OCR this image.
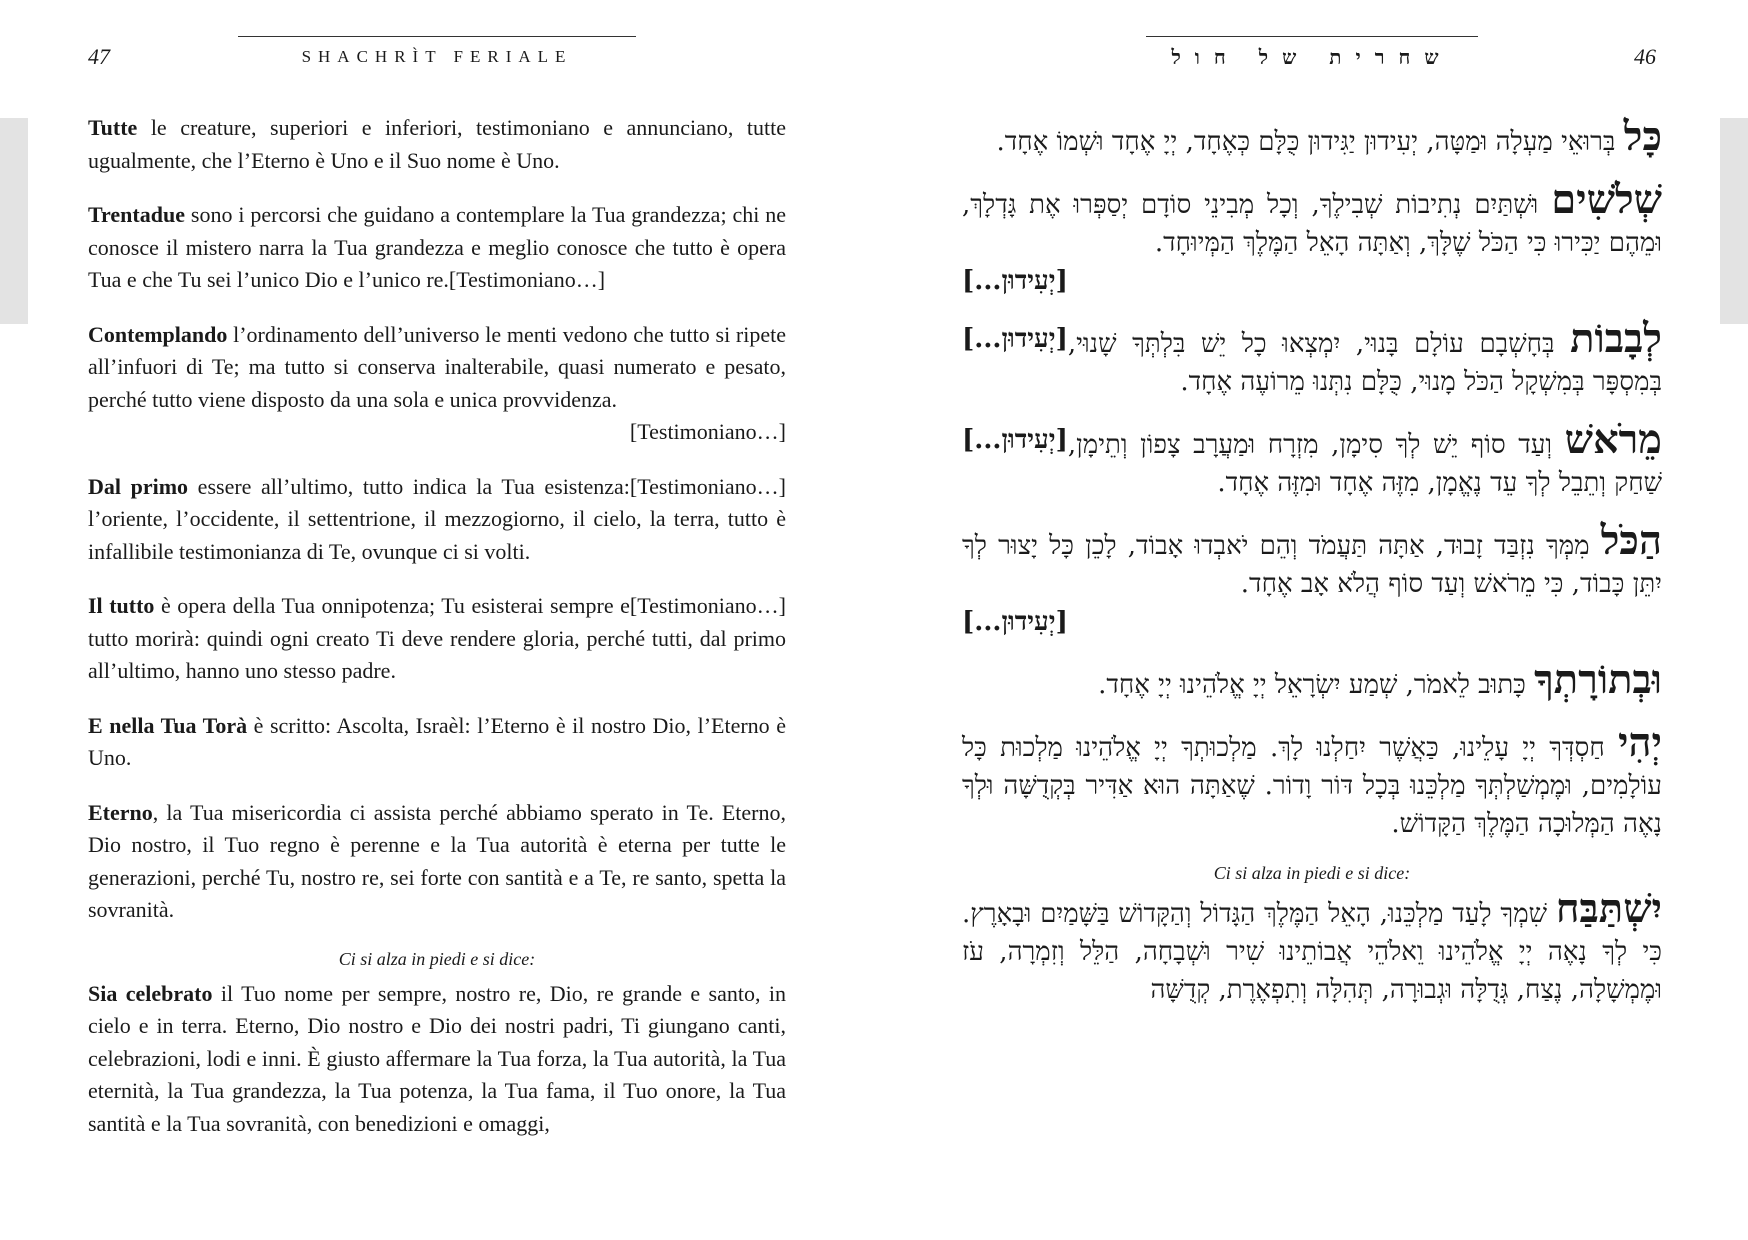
47	SHACHRÌT FERIALE

Tutte le creature, superiori e inferiori, testimoniano e annunciano, tutte ugualmente, che l’Eterno è Uno e il Suo nome è Uno.

Trentadue sono i percorsi che guidano a contemplare la Tua grandezza; chi ne conosce il mistero narra la Tua grandezza e meglio conosce che tutto è opera Tua e che Tu sei l’unico Dio e l’unico re.[Testimoniano…]

Contemplando l’ordinamento dell’universo le menti vedono che tutto si ripete all’infuori di Te; ma tutto si conserva inalterabile, quasi numerato e pesato, perché tutto viene disposto da una sola e unica provvidenza.
[Testimoniano…]

[Testimoniano…]
Dal primo essere all’ultimo, tutto indica la Tua esistenza: l’oriente, l’occidente, il settentrione, il mezzogiorno, il cielo, la terra, tutto è infallibile testimonianza di Te, ovunque ci si volti.

[Testimoniano…]
Il tutto è opera della Tua onnipotenza; Tu esisterai sempre e tutto morirà: quindi ogni creato Ti deve rendere gloria, perché tutti, dal primo all’ultimo, hanno uno stesso padre.

E nella Tua Torà è scritto: Ascolta, Israèl: l’Eterno è il nostro Dio, l’Eterno è Uno.

Eterno, la Tua misericordia ci assista perché abbiamo sperato in Te. Eterno, Dio nostro, il Tuo regno è perenne e la Tua autorità è eterna per tutte le generazioni, perché Tu, nostro re, sei forte con santità e a Te, re santo, spetta la sovranità.

Ci si alza in piedi e si dice:

Sia celebrato il Tuo nome per sempre, nostro re, Dio, re grande e santo, in cielo e in terra. Eterno, Dio nostro e Dio dei nostri padri, Ti giungano canti, celebrazioni, lodi e inni. È giusto affermare la Tua forza, la Tua autorità, la Tua eternità, la Tua grandezza, la Tua potenza, la Tua fama, il Tuo onore, la Tua santità e la Tua sovranità, con benedizioni e omaggi,

שחרית של חול	46

כָּל בְּרוּאֵי מַעְלָה וּמַטָּה, יְעִידוּן יַגִּידוּן כֻּלָּם כְּאֶחָד, יְיָ אֶחָד וּשְׁמוֹ אֶחָד.

שְׁלֹשִׁים וּשְׁתַּיִם נְתִיבוֹת שְׁבִילֶךָ, וְכָל מְבִינֵי סוֹדָם יְסַפְּרוּ אֶת גָּדְלָךְ, וּמֵהֶם יַכִּירוּ כִּי הַכֹּל שֶׁלָּךְ, וְאַתָּה הָאֵל הַמֶּלֶךְ הַמְּיוּחָד.
[יְעִידוּן...]

[יְעִידוּן...]	לְבָבוֹת בְּחָשְׁבָם עוֹלָם בָּנוּי, יִמְצְאוּ כָל יֵשׁ בִּלְתְּךָ שָׁנוּי, בְּמִסְפָּר בְּמִשְׁקָל הַכֹּל מָנוּי, כֻּלָּם נִתְּנוּ מֵרוֹעֶה אֶחָד.

[יְעִידוּן...]	מֵרֹאשׁ וְעַד סוֹף יֵשׁ לְךָ סִימָן, מִזְרָח וּמַעֲרָב צָפוֹן וְתֵימָן, שַׁחַק וְתֵבֵל לְךָ עֵד נֶאֱמָן, מִזֶּה אֶחָד וּמִזֶּה אֶחָד.

הַכֹּל מִמְּךָ נִזְבַּד זָבוּד, אַתָּה תַּעֲמֹד וְהֵם יֹאבְדוּ אָבוֹד, לָכֵן כָּל יָצוּר לְךָ יִתֵּן כָּבוֹד, כִּי מֵרֹאשׁ וְעַד סוֹף הֲלֹא אָב אֶחָד.
[יְעִידוּן...]

וּבְתוֹרָתְךָ כָּתוּב לֵאמֹר, שְׁמַע יִשְׂרָאֵל יְיָ אֱלֹהֵינוּ יְיָ אֶחָד.

יְהִי חַסְדְּךָ יְיָ עָלֵינוּ, כַּאֲשֶׁר יִחַלְנוּ לָךְ. מַלְכוּתְךָ יְיָ אֱלֹהֵינוּ מַלְכוּת כָּל עוֹלָמִים, וּמֶמְשַׁלְתְּךָ מַלְכֵּנוּ בְּכָל דּוֹר וָדוֹר. שֶׁאַתָּה הוּא אַדִּיר בְּקְדֻשָּׁה וּלְךָ נָאֶה הַמְּלוּכָה הַמֶּלֶךְ הַקָּדוֹשׁ.

Ci si alza in piedi e si dice:

יִשְׁתַּבַּח שִׁמְךָ לָעַד מַלְכֵּנוּ, הָאֵל הַמֶּלֶךְ הַגָּדוֹל וְהַקָּדוֹשׁ בַּשָּׁמַיִם וּבָאָרֶץ. כִּי לְךָ נָאֶה יְיָ אֱלֹהֵינוּ וֵאלֹהֵי אֲבוֹתֵינוּ שִׁיר וּשְׁבָחָה, הַלֵּל וְזִמְרָה, עֹז וּמֶמְשָׁלָה, נֶצַח, גְּדֻלָּה וּגְבוּרָה, תְּהִלָּה וְתִפְאֶרֶת, קְדֻשָּׁה
